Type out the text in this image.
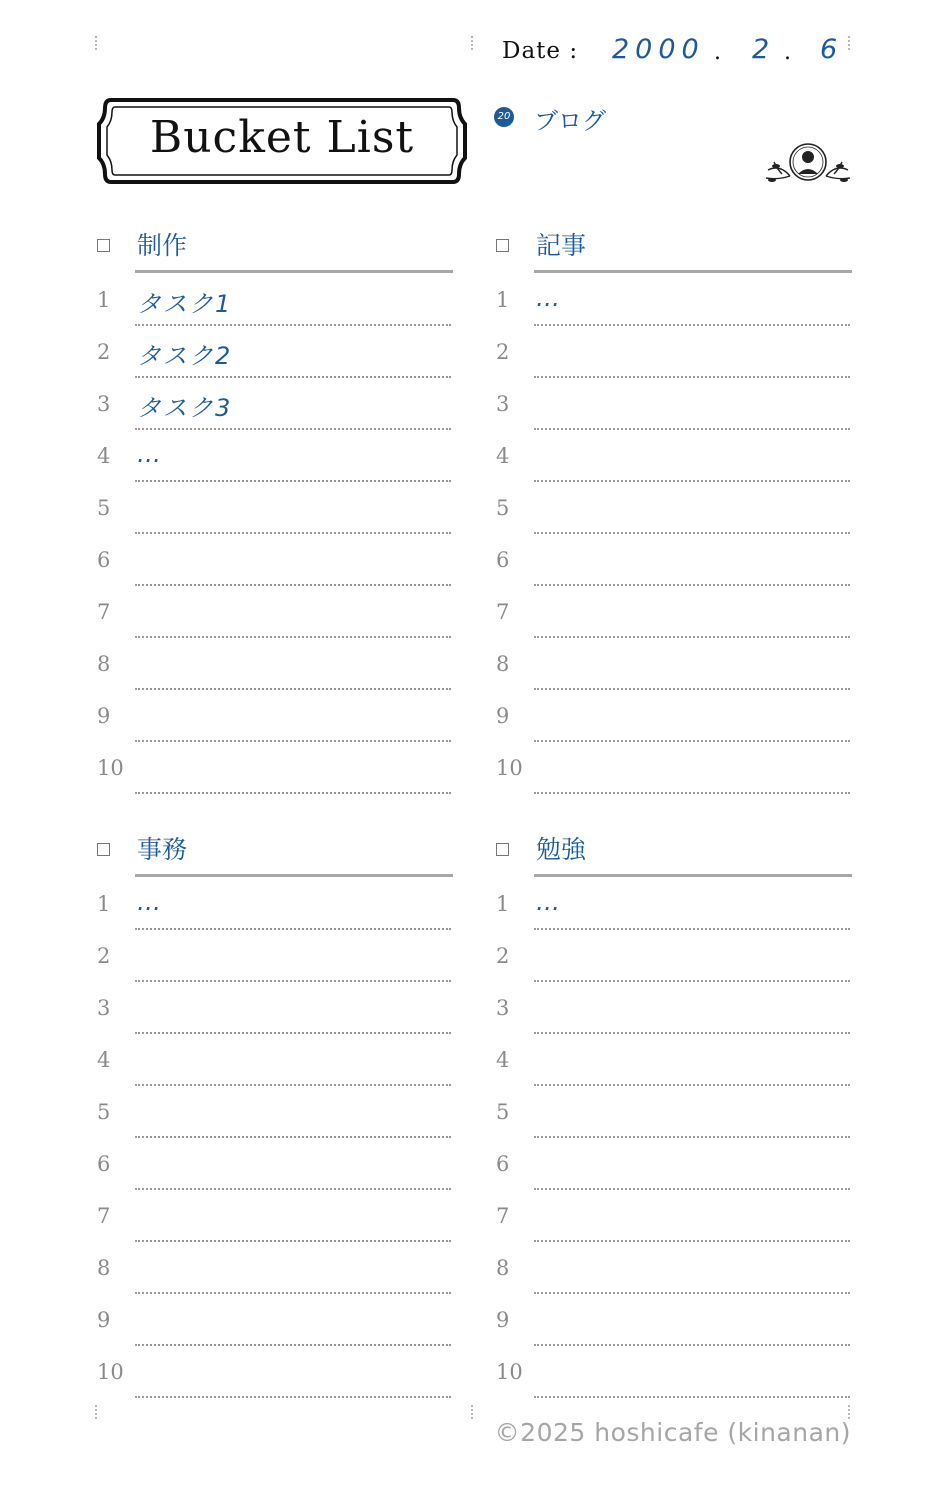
Date : 2000 . 2 . 6
Bucket List	20 ブログ
制作
1	タスク1
2	タスク2
3	タスク3
4	…
5
6
7
8
9
10
記事
1	…
2
3
4
5
6
7
8
9
10
事務
1	…
2
3
4
5
6
7
8
9
10
勉強
1	…
2
3
4
5
6
7
8
9
10
©2025 hoshicafe (kinanan)
